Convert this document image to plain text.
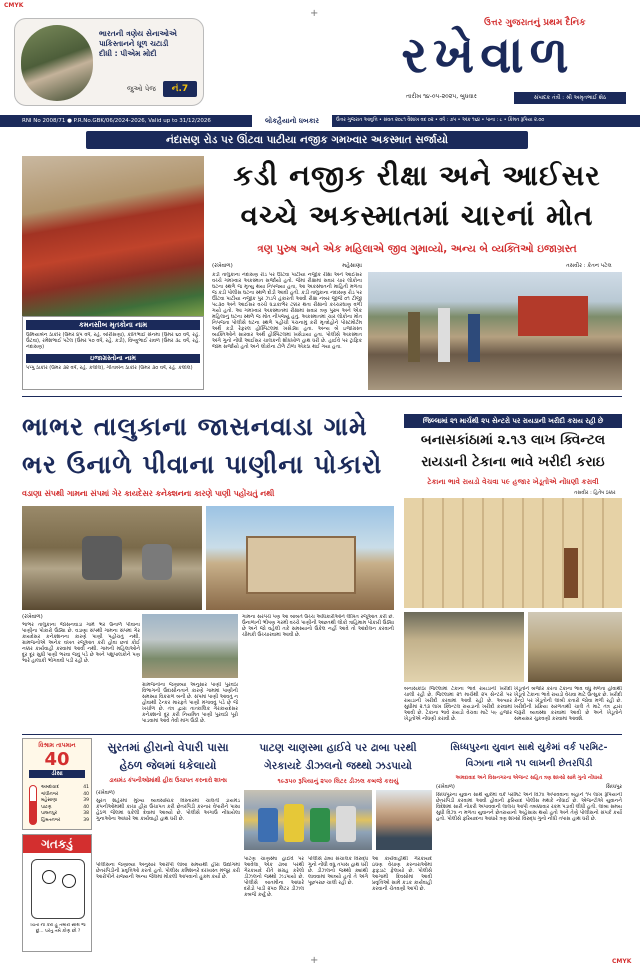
CMYK
CMYK
+
+
ભારતની ત્રણેય સેનાઓએ
પાકિસ્તાનને ધૂળ ચટાડી
દીધી : પીએમ મોદી
જુઓ પેજ	નં.7
ઉત્તર ગુજરાતનું પ્રથમ દૈનિક
રખેવાળ
સંપાદક તંત્રી : શ્રી અમૃતભાઈ શેઠ
તારીખ ૧૪-૦૫-૨૦૨૫, બુધવાર
RNI No 2008/71 ● P.R.No.GBK/06/2024-2026, Valid up to 31/12/2026	લોકહૈયાનો ધબકાર	ઉત્તર ગુજરાત આવૃત્તિ • સંવત ૨૦૮૧ વૈશાખ વદ ૦૨ • વર્ષ : ૭૫ • અંક ૧૬૪ • પાના : ૮ • કિંમત રૂપિયા ૨.૦૦
નંદાસણ રોડ પર ઊંટવા પાટીયા નજીક ગમખ્વાર અકસ્માત સર્જાયો
કમનસીબ મૃતકોના નામ
ઉમિયાબેન ઠાકોર (ઉંમર ૪૫ વર્ષ, રહે. બોરીસણા), કાંતિભાઈ સેનમા (ઉંમર ૬૦ વર્ષ, રહે. ઉંટવા), રમેશભાઈ પટેલ (ઉંમર ૫૦ વર્ષ, રહે. કડી), વિષ્ણુભાઈ રાવળ (ઉંમર ૩૮ વર્ષ, રહે. નંદાસણ)
ઇજાગ્રસ્તોના નામ
પપ્પુ ઠાકોર (ઉંમર ૩૨ વર્ષ, રહે. કલોલ), ગીતાબેન ઠાકોર (ઉંમર ૩૦ વર્ષ, રહે. કલોલ)
કડી નજીક રીક્ષા અને આઈસર
વચ્ચે અકસ્માતમાં ચારનાં મોત
ત્રણ પુરુષ અને એક મહિલાએ જીવ ગુમાવ્યો, અન્ય બે વ્યક્તિઓ ઇજાગ્રસ્ત
(રખેવાળ)	મહેસાણા
કડી તાલુકાના નંદાસણ રોડ પર ઊંટવા પાટીયા નજીક રીક્ષા અને આઈસર વચ્ચે ગમખ્વાર અકસ્માત સર્જાયો હતો. જેમાં રીક્ષામાં સવાર ચાર લોકોના ઘટના સ્થળે જ મૃત્યુ થયા નિપજ્યા હતા, આ અકસ્માતની માહિતી મળતા જ કડી પોલીસ ઘટના સ્થળે દોડી આવી હતી. કડી તાલુકાના નંદાસણ રોડ પર ઊંટવા પાટીયા નજીક પુર ઝડપે હંકારતી આવી રીક્ષા નંબર જીજે ૦૧ ટીજી ૫૮૩૦ અને આઈસર વચ્ચે ધડાકાભેર ટક્કર થતા રીક્ષાનો કચ્ચરઘાણ વળી ગયો હતો. આ ગમખ્વાર અકસ્માતમાં રીક્ષામાં સવાર ત્રણ પુરુષ અને એક મહિલાનું ઘટના સ્થળે જ મોત નીપજ્યું હતું. અકસ્માતમાં ચાર લોકોના મોત નિપજતા પોલીસે ઘટના સ્થળે પહોંચી પંચનામું કરી મૃતદેહોને પોસ્ટમોર્ટમ અર્થે કડી રેફરલ હોસ્પિટલમાં ખસેડ્યા હતા. અન્ય બે ઇજાગ્રસ્ત વ્યક્તિઓને સારવાર અર્થે હોસ્પિટલમાં ખસેડાયા હતા. પોલીસે અકસ્માત અંગે ગુનો નોંધી આઈસર ચાલકની શોધખોળ હાથ ધરી છે. હાઈવે પર ટ્રાફિક જામ સર્જાયો હતો અને લોકોના ટોળે ટોળા એકઠા થઈ ગયા હતા.
તસવીર : કેતન પટેલ
ભાભર તાલુકાના જાસનવાડા ગામે
ભર ઉનાળે પીવાના પાણીના પોકારો
વડાણા સંપથી ગામના સંપમાં ગેર કાયદેસર કનેક્શનના કારણે પાણી પહોંચતું નથી
(રખેવાળ)
ભાભર તાલુકાના જાસનવાડા ગામે ભર ઉનાળે પીવાના પાણીના પોકારો ઉઠ્યા છે. વડાણા સંપથી ગામના સંપમાં ગેર કાયદેસર કનેક્શનના કારણે પાણી પહોંચતું નથી. ગ્રામજનોએ અનેક વખત રજૂઆત કરી હોવા છતાં કોઈ નક્કર કાર્યવાહી કરવામાં આવી નથી. ગામની મહિલાઓને દૂર દૂર સુધી પાણી ભરવા જવું પડે છે અને પશુપાલકોને પણ ભારે હાલાકી ભોગવવી પડી રહી છે.
ગ્રામજનોના જણાવ્યા અનુસાર પાણી પુરવઠા વિભાગની ઉદાસીનતાને કારણે ગામમાં પાણીની સમસ્યા વિકરાળ બની છે. સંપમાં પાણી આવતું ન હોવાથી ટેન્કર મારફતે પાણી મંગાવવું પડે છે જે ખર્ચાળ છે. તંત્ર દ્વારા તાત્કાલિક ગેરકાયદેસર કનેક્શનો દૂર કરી નિયમિત પાણી પુરવઠો પૂરો પાડવામાં આવે તેવી માંગ ઉઠી છે.
ગામના સરપંચે પણ આ બાબતે ઉચ્ચ અધિકારીઓને લેખિત રજૂઆત કરી છે. ઉનાળાની ભીષણ ગરમી વચ્ચે પાણીની અછતથી લોકો ત્રાહિમામ પોકારી ઉઠ્યા છે અને જો વહેલી તકે સમસ્યાનો ઉકેલ નહીં આવે તો આંદોલન કરવાની ચીમકી ઉચ્ચારવામાં આવી છે.
જિલ્લામાં ૨૧ માર્ચથી ૨૫ સેન્ટરો પર રાયડાની ખરીદી કરાય રહી છે
બનાસકાંઠામાં ૨.૧૩ લાખ ક્વિન્ટલ
રાયડાની ટેકાના ભાવે ખરીદી કરાઇ
ટેકાના ભાવે રાયડો વેચવા ૫૯ હજાર ખેડૂતોએ નોંધણી કરાવી
તસવીર : હિતેષ ઠક્કર
બનાસકાંઠા જિલ્લામાં ટેકાના ભાવે રાયડાની ખરીદી ચાલી રહી છે. જિલ્લામાં ૨૧ માર્ચથી ૨૫ સેન્ટરો પર રાયડાની ખરીદી કરવામાં આવી રહી છે. અત્યાર સુધીમાં ૨.૧૩ લાખ ક્વિન્ટલ રાયડાની ખરીદી કરવામાં આવી છે. ટેકાના ભાવે રાયડો વેચવા માટે ૫૯ હજાર ખેડૂતોએ નોંધણી કરાવી છે.
ખેડૂતોને બજાર કરતા ટેકાના ભાવ વધુ મળતા હોવાથી ખેડૂતો ટેકાના ભાવે રાયડો વેચવા માટે ઉત્સુક છે. ખરીદી કેન્દ્રો પર ખેડૂતોની લાંબી કતારો જોવા મળી રહી છે. ખરીદીની પ્રક્રિયા સરળતાથી ચાલે તે માટે તંત્ર દ્વારા જરૂરી વ્યવસ્થા કરવામાં આવી છે અને ખેડૂતોને સમયસર ચુકવણી કરવામાં આવશે.
વિશ્રામ તાપમાન
40
ડીસા
અમદાવાદ	41
ગાંધીનગર	40
મહેસાણા	39
પાટણ	40
પાલનપુર	38
હિંમતનગર	39
ગતકડું
ચિંતા ના કરો હું તમારી સાથે જ છું... પરંતુ તમે કોણ છો ?
સુરતમાં હીરાનો વેપારી પાસા
હેઠળ જેલમાં ધકેલાયો
ડાયમંડ કંપનીઓમાંથી હીરા ઉચાપત કરનારો શખ્સ
(રખેવાળ)
સુરત શહેરમાં મુખ્ય વ્યવસાયિક વિસ્તારમાં ચાલતી ડાયમંડ કંપનીઓમાંથી કાચા હીરા ઉચાપત કરી છેતરપિંડી કરનાર વેપારીને પાસા હેઠળ જેલમાં ધકેલી દેવામાં આવ્યો છે. પોલીસે અગાઉ નોંધાયેલા ગુનાઓના આધારે આ કાર્યવાહી હાથ ધરી છે.
પોલીસના જણાવ્યા અનુસાર આરોપી લાંબા સમયથી હીરા ઉદ્યોગમાં છેતરપિંડીની પ્રવૃત્તિઓ કરતો હતો. પોલીસ કમિશનરે દરખાસ્ત મંજૂર કરી આરોપીને રાજ્યની અન્ય જેલમાં મોકલી આપવાનો હુકમ કર્યો છે.
પાટણ ચાણસ્મા હાઈવે પર ઢાબા પરથી
ગેરકાયદે ડીઝલનો જથ્થો ઝડપાયો
૧૯૩૫૦ રૂપિયાનું ૨૫૦ લિટર ડીઝલ કબજે કરાયું
પાટણ ચાણસ્મા હાઈવે પર આવેલા એક ઢાબા પરથી ગેરકાયદે રીતે સંગ્રહ કરેલો ડીઝલનો જથ્થો ઝડપાયો છે. પોલીસે બાતમીના આધારે દરોડો પાડી ૨૫૦ લિટર ડીઝલ કબજે કર્યું છે.
પોલીસે ઢાબા સંચાલક વિરુદ્ધ ગુનો નોંધી વધુ તપાસ હાથ ધરી છે. ડીઝલનો જથ્થો ક્યાંથી લાવવામાં આવ્યો હતો તે અંગે પૂછપરછ ચાલી રહી છે.
આ કાર્યવાહીથી ગેરકાયદે ઇંધણ વેચાણ કરનારાઓમાં ફફડાટ ફેલાયો છે. પોલીસે આગામી દિવસોમાં આવી પ્રવૃત્તિઓ સામે કડક કાર્યવાહી કરવાની ચેતવણી આપી છે.
સિધ્ધપુરના યુવાન સાથે યુકેમાં વર્ક પરમિટ-
વિઝાના નામે ૧૫ લાખની છેતરપિંડી
અમદાવાદ અને વિસનગરના એજન્ટ સહિત ત્રણ શખ્સો સામે ગુનો નોંધાયો
(રખેવાળ)	સિધ્ધપુર
સિધ્ધપુરના યુવાન સાથે યુકેમાં વર્ક પરમિટ અને વિઝા અપાવવાના બહાને ૧૫ લાખ રૂપિયાની છેતરપિંડી કરવામાં આવી હોવાની ફરિયાદ પોલીસ મથકે નોંધાઈ છે. એજન્ટોએ યુવાનને વિદેશમાં સારી નોકરી અપાવવાની લાલચ આપી તબક્કાવાર રકમ પડાવી લીધી હતી. લાંબા સમય સુધી વિઝા ન મળતા યુવાનને છેતરાયાનો અહેસાસ થયો હતો અને તેણે પોલીસનો સંપર્ક કર્યો હતો. પોલીસે ફરિયાદના આધારે ત્રણ શખ્સો વિરુદ્ધ ગુનો નોંધી તપાસ હાથ ધરી છે.
